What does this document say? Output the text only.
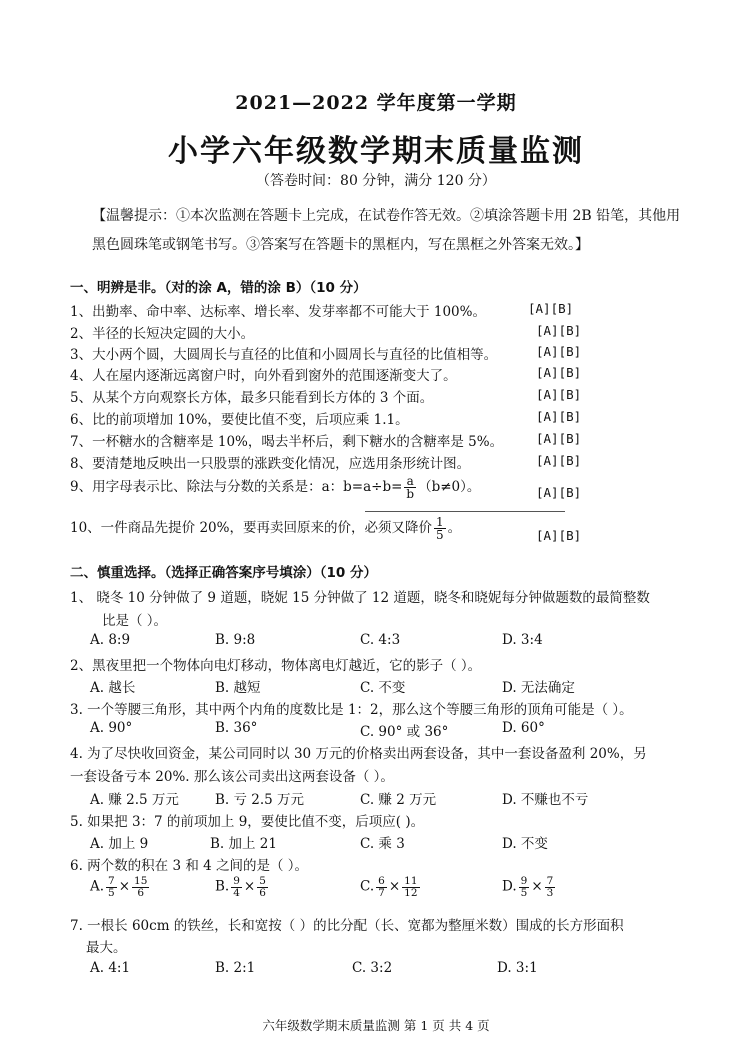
2021—2022 学年度第一学期
小学六年级数学期末质量监测
（答卷时间：80 分钟，满分 120 分）
【温馨提示：①本次监测在答题卡上完成，在试卷作答无效。②填涂答题卡用 2B 铅笔，其他用黑色圆珠笔或钢笔书写。③答案写在答题卡的黑框内，写在黑框之外答案无效。】
一、明辨是非。（对的涂 A，错的涂 B）（10 分）
1、出勤率、命中率、达标率、增长率、发芽率都不可能大于 100%。	[A][B]
2、半径的长短决定圆的大小。	[A][B]
3、大小两个圆，大圆周长与直径的比值和小圆周长与直径的比值相等。	[A][B]
4、人在屋内逐渐远离窗户时，向外看到窗外的范围逐渐变大了。	[A][B]
5、从某个方向观察长方体，最多只能看到长方体的 3 个面。	[A][B]
6、比的前项增加 10%，要使比值不变，后项应乘 1.1。	[A][B]
7、一杯糖水的含糖率是 10%，喝去半杯后，剩下糖水的含糖率是 5%。	[A][B]
8、要清楚地反映出一只股票的涨跌变化情况，应选用条形统计图。	[A][B]
9、用字母表示比、除法与分数的关系是：a：$b=a\div b= \frac{a}{b} (b\ne 0)$。	[A][B]
10、一件商品先提价 20%，要再卖回原来的价，必须又降价 $\frac{1}{5}$ 。	[A][B]
二、慎重选择。（选择正确答案序号填涂）（10 分）
1、 晓冬 10 分钟做了 9 道题，晓妮 15 分钟做了 12 道题，晓冬和晓妮每分钟做题数的最简整数
比是（ ）。
A. 8:9	B. 9:8	C. 4:3	D. 3:4
2、黑夜里把一个物体向电灯移动，物体离电灯越近，它的影子（ ）。
A. 越长	B. 越短	C. 不变	D. 无法确定
3. 一个等腰三角形，其中两个内角的度数比是 1：2，那么这个等腰三角形的顶角可能是（ ）。
A. 90°	B. 36°	C. 90° 或 36°	D. 60°
4. 为了尽快收回资金，某公司同时以 30 万元的价格卖出两套设备，其中一套设备盈利 20%，另
一套设备亏本 20%. 那么该公司卖出这两套设备（ ）。
A. 赚 2.5 万元	B. 亏 2.5 万元	C. 赚 2 万元	D. 不赚也不亏
5. 如果把 3：7 的前项加上 9，要使比值不变，后项应( )。
A. 加上 9	B. 加上 21	C. 乘 3	D. 不变
6. 两个数的积在 3 和 4 之间的是（ ）。
A. $\frac{7}{5} \times \frac{15}{6}$	B. $\frac{9}{4} \times \frac{5}{6}$	C. $\frac{6}{7} \times \frac{11}{12}$	D. $\frac{9}{5} \times \frac{7}{3}$
7. 一根长 60cm 的铁丝，长和宽按（ ）的比分配（长、宽都为整厘米数）围成的长方形面积
最大。
A. 4:1	B. 2:1	C. 3:2	D. 3:1
六年级数学期末质量监测 第 1 页 共 4 页
